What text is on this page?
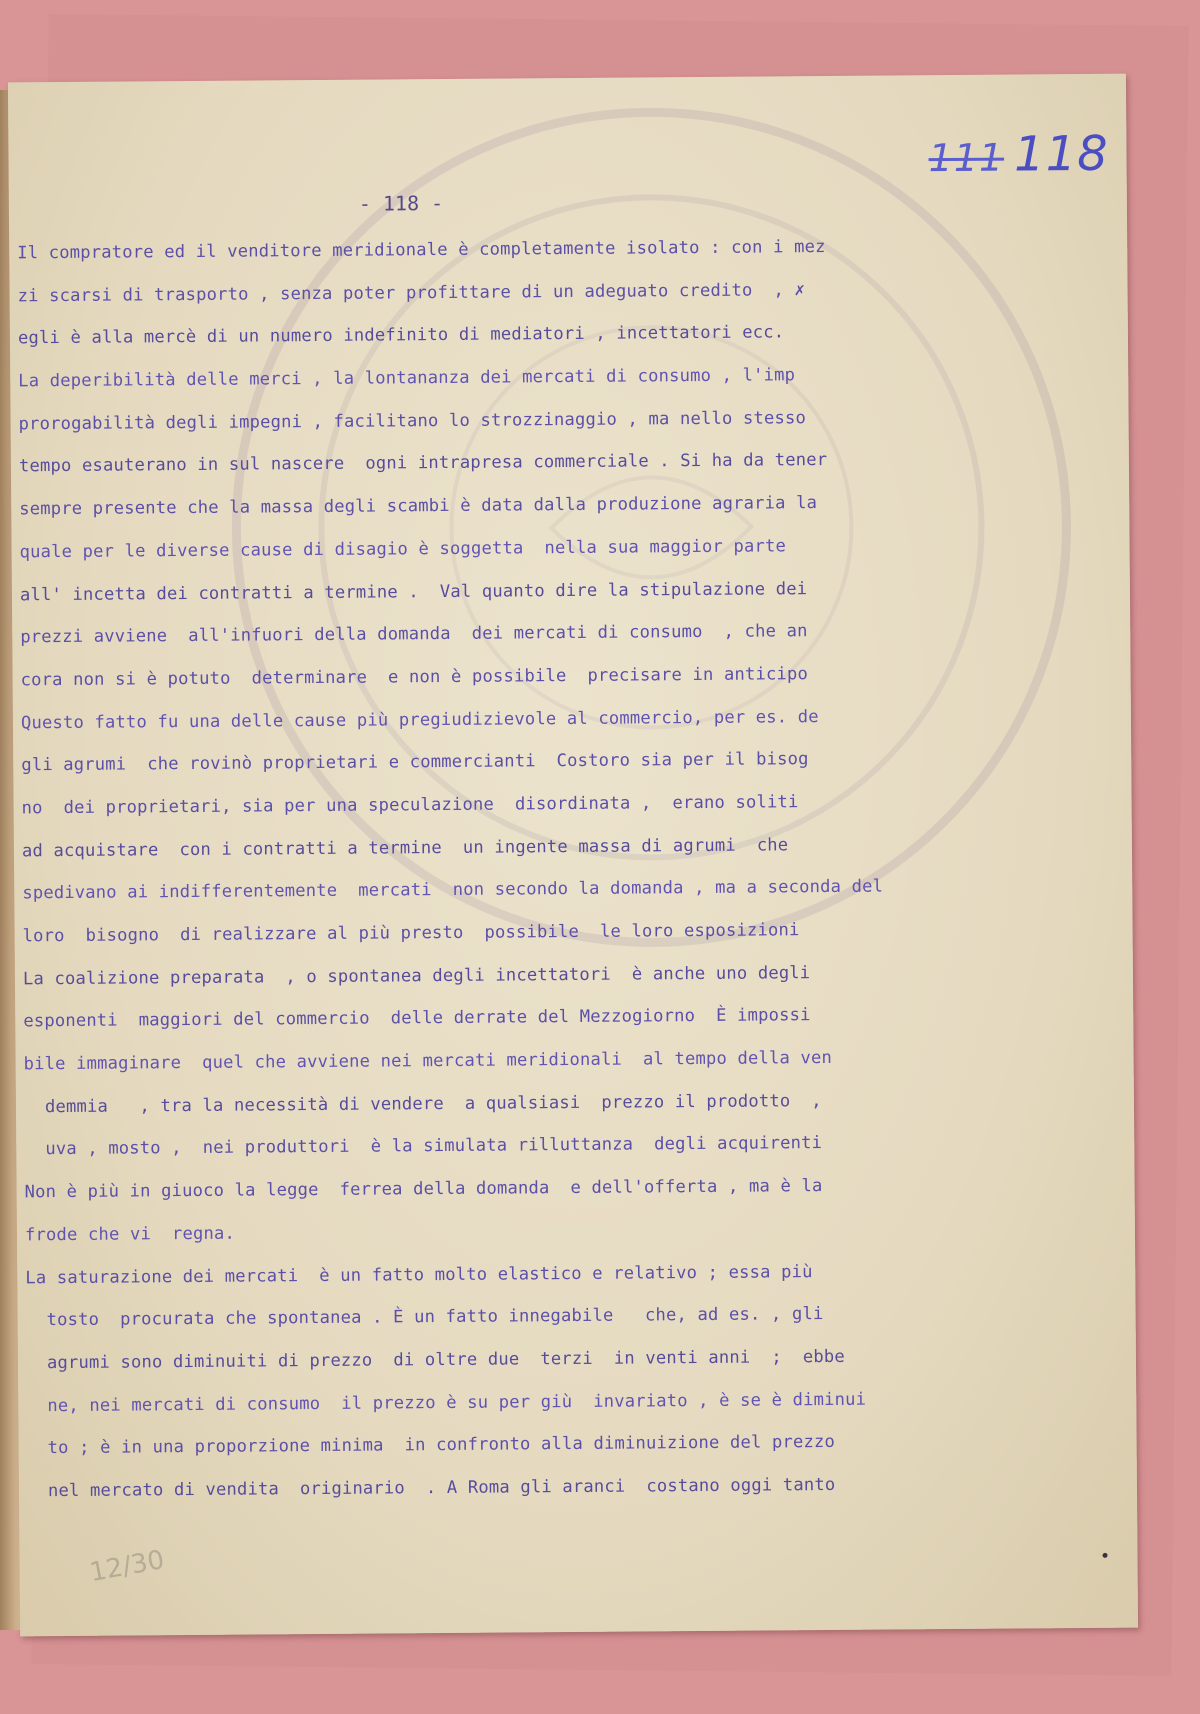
111 118
- 118 -
Il compratore ed il venditore meridionale è completamente isolato : con i mez
zi scarsi di trasporto , senza poter profittare di un adeguato credito  , ✗
egli è alla mercè di un numero indefinito di mediatori , incettatori ecc.
La deperibilità delle merci , la lontananza dei mercati di consumo , l'imp
prorogabilità degli impegni , facilitano lo strozzinaggio , ma nello stesso
tempo esauterano in sul nascere  ogni intrapresa commerciale . Si ha da tener
sempre presente che la massa degli scambi è data dalla produzione agraria la
quale per le diverse cause di disagio è soggetta  nella sua maggior parte
all' incetta dei contratti a termine .  Val quanto dire la stipulazione dei
prezzi avviene  all'infuori della domanda  dei mercati di consumo  , che an
cora non si è potuto  determinare  e non è possibile  precisare in anticipo
Questo fatto fu una delle cause più pregiudizievole al commercio, per es. de
gli agrumi  che rovinò proprietari e commercianti  Costoro sia per il bisog
no  dei proprietari, sia per una speculazione  disordinata ,  erano soliti
ad acquistare  con i contratti a termine  un ingente massa di agrumi  che
spedivano ai indifferentemente  mercati  non secondo la domanda , ma a seconda del
loro  bisogno  di realizzare al più presto  possibile  le loro esposizioni
La coalizione preparata  , o spontanea degli incettatori  è anche uno degli
esponenti  maggiori del commercio  delle derrate del Mezzogiorno  È impossi
bile immaginare  quel che avviene nei mercati meridionali  al tempo della ven
demmia   , tra la necessità di vendere  a qualsiasi  prezzo il prodotto  ,
uva , mosto ,  nei produttori  è la simulata rilluttanza  degli acquirenti
Non è più in giuoco la legge  ferrea della domanda  e dell'offerta , ma è la
frode che vi  regna.
La saturazione dei mercati  è un fatto molto elastico e relativo ; essa più
tosto  procurata che spontanea . È un fatto innegabile   che, ad es. , gli
agrumi sono diminuiti di prezzo  di oltre due  terzi  in venti anni  ;  ebbe
ne, nei mercati di consumo  il prezzo è su per giù  invariato , è se è diminui
to ; è in una proporzione minima  in confronto alla diminuizione del prezzo
nel mercato di vendita  originario  . A Roma gli aranci  costano oggi tanto
12/30
